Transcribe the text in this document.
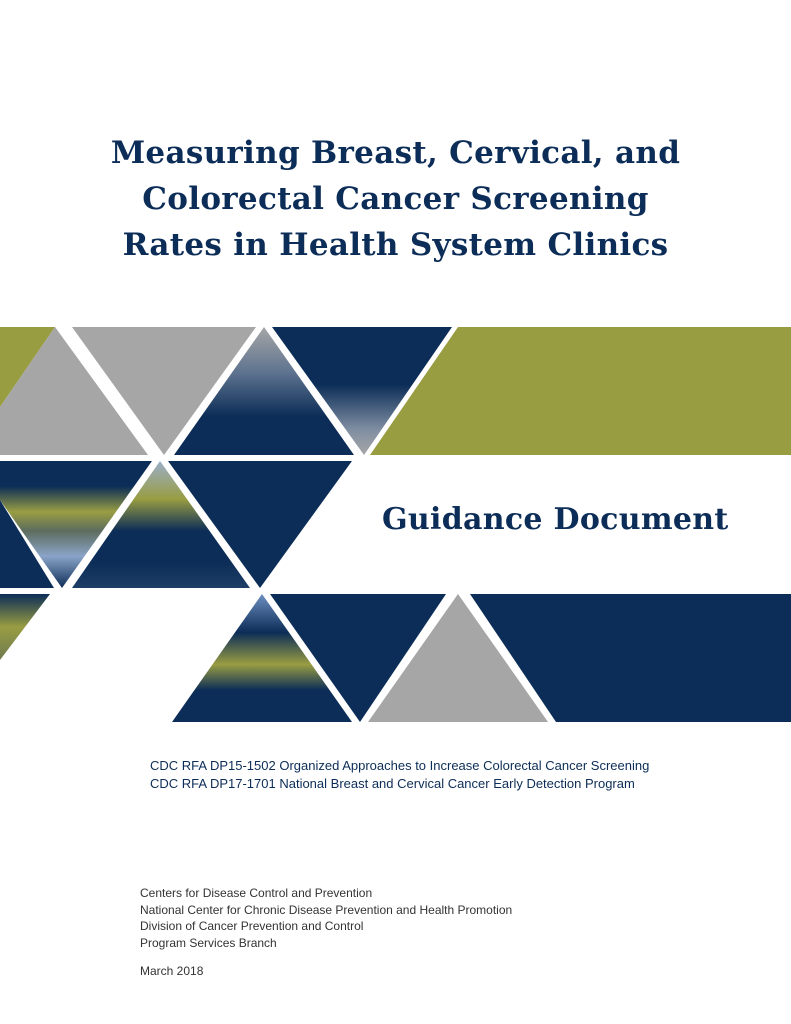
Measuring Breast, Cervical, and
Colorectal Cancer Screening
Rates in Health System Clinics
Guidance Document
CDC RFA DP15-1502 Organized Approaches to Increase Colorectal Cancer Screening
CDC RFA DP17-1701 National Breast and Cervical Cancer Early Detection Program
Centers for Disease Control and Prevention
National Center for Chronic Disease Prevention and Health Promotion
Division of Cancer Prevention and Control
Program Services Branch
March 2018
